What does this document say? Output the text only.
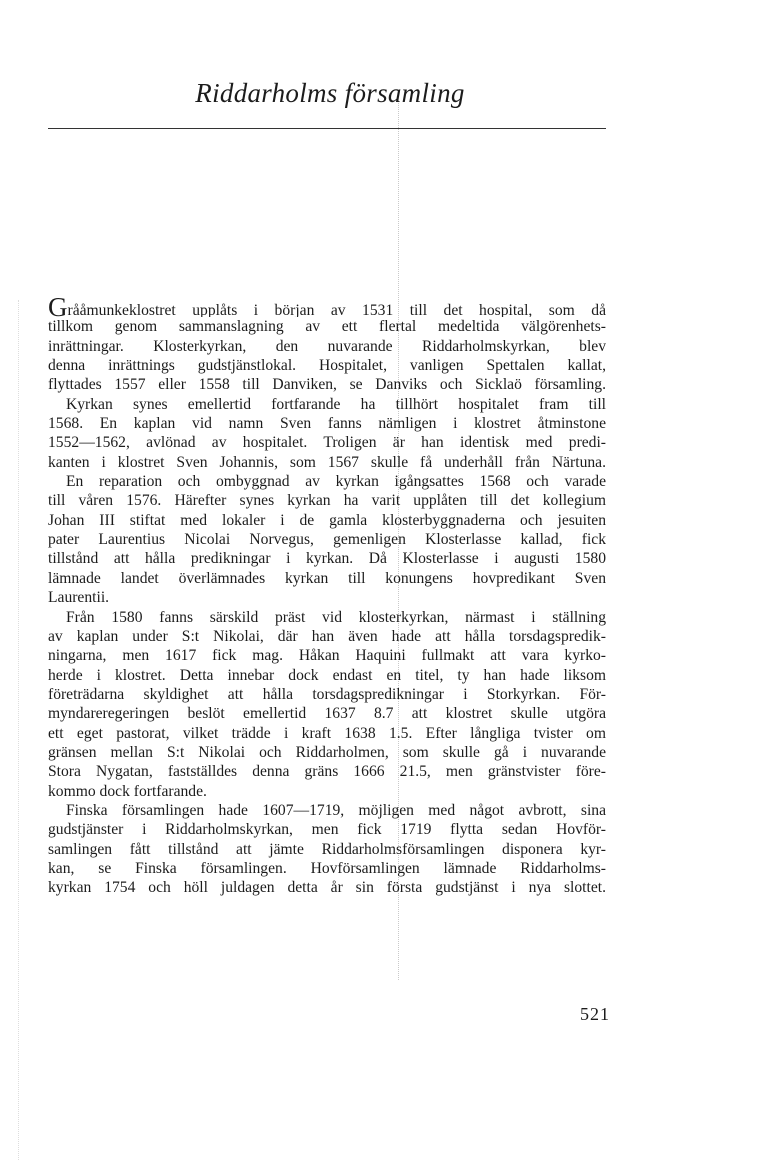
Riddarholms församling
Grååmunkeklostret upplåts i början av 1531 till det hospital, som då
tillkom genom sammanslagning av ett flertal medeltida välgörenhets-
inrättningar. Klosterkyrkan, den nuvarande Riddarholmskyrkan, blev
denna inrättnings gudstjänstlokal. Hospitalet, vanligen Spettalen kallat,
flyttades 1557 eller 1558 till Danviken, se Danviks och Sicklaö församling.
Kyrkan synes emellertid fortfarande ha tillhört hospitalet fram till
1568. En kaplan vid namn Sven fanns nämligen i klostret åtminstone
1552—1562, avlönad av hospitalet. Troligen är han identisk med predi-
kanten i klostret Sven Johannis, som 1567 skulle få underhåll från Närtuna.
En reparation och ombyggnad av kyrkan igångsattes 1568 och varade
till våren 1576. Härefter synes kyrkan ha varit upplåten till det kollegium
Johan III stiftat med lokaler i de gamla klosterbyggnaderna och jesuiten
pater Laurentius Nicolai Norvegus, gemenligen Klosterlasse kallad, fick
tillstånd att hålla predikningar i kyrkan. Då Klosterlasse i augusti 1580
lämnade landet överlämnades kyrkan till konungens hovpredikant Sven
Laurentii.
Från 1580 fanns särskild präst vid klosterkyrkan, närmast i ställning
av kaplan under S:t Nikolai, där han även hade att hålla torsdagspredik-
ningarna, men 1617 fick mag. Håkan Haquini fullmakt att vara kyrko-
herde i klostret. Detta innebar dock endast en titel, ty han hade liksom
företrädarna skyldighet att hålla torsdagspredikningar i Storkyrkan. För-
myndareregeringen beslöt emellertid 1637 8.7 att klostret skulle utgöra
ett eget pastorat, vilket trädde i kraft 1638 1.5. Efter långliga tvister om
gränsen mellan S:t Nikolai och Riddarholmen, som skulle gå i nuvarande
Stora Nygatan, fastställdes denna gräns 1666 21.5, men gränstvister före-
kommo dock fortfarande.
Finska församlingen hade 1607—1719, möjligen med något avbrott, sina
gudstjänster i Riddarholmskyrkan, men fick 1719 flytta sedan Hovför-
samlingen fått tillstånd att jämte Riddarholmsförsamlingen disponera kyr-
kan, se Finska församlingen. Hovförsamlingen lämnade Riddarholms-
kyrkan 1754 och höll juldagen detta år sin första gudstjänst i nya slottet.
521
